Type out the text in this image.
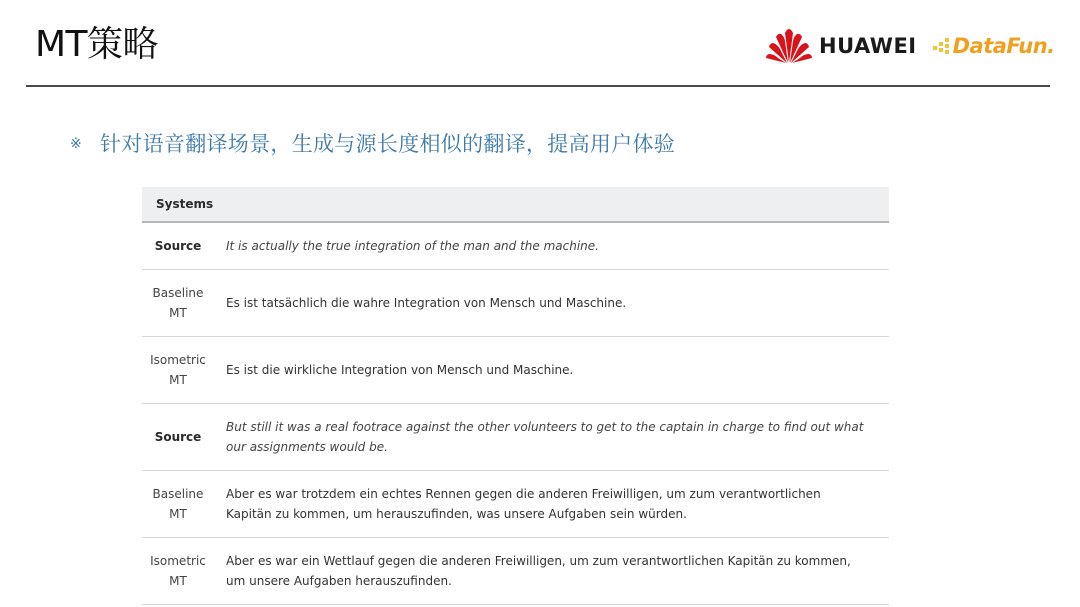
MT策略	HUAWEI DataFun.
※ 针对语音翻译场景，生成与源长度相似的翻译，提高用户体验
Systems	
Source	It is actually the true integration of the man and the machine.

Baseline
MT	Es ist tatsächlich die wahre Integration von Mensch und Maschine.

Isometric
MT	Es ist die wirkliche Integration von Mensch und Maschine.
Source	But still it was a real footrace against the other volunteers to get to the captain in charge to find out what our assignments would be.

Baseline
MT	Aber es war trotzdem ein echtes Rennen gegen die anderen Freiwilligen, um zum verantwortlichen Kapitän zu kommen, um herauszufinden, was unsere Aufgaben sein würden.

Isometric
MT	Aber es war ein Wettlauf gegen die anderen Freiwilligen, um zum verantwortlichen Kapitän zu kommen, um unsere Aufgaben herauszufinden.
